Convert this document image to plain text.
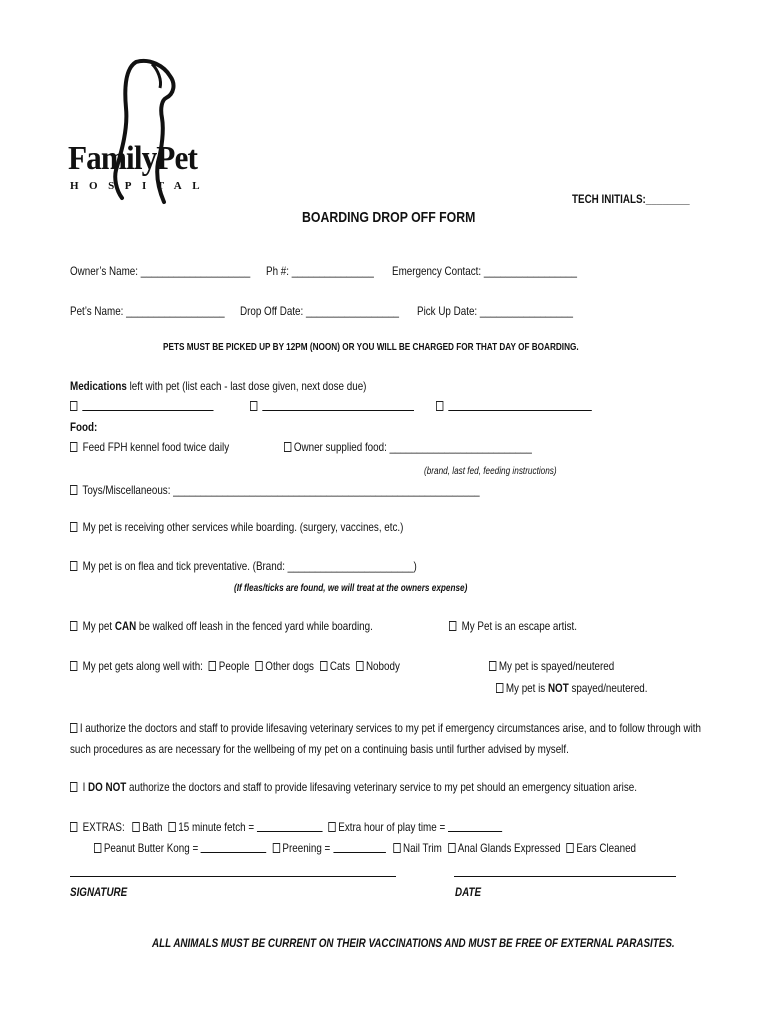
FamilyPet
HOSPITAL
TECH INITIALS:________
BOARDING DROP OFF FORM
Owner’s Name: ____________________ Ph #: _______________ Emergency Contact: _________________
Pet’s Name: __________________ Drop Off Date: _________________ Pick Up Date: _________________
PETS MUST BE PICKED UP BY 12PM (NOON) OR YOU WILL BE CHARGED FOR THAT DAY OF BOARDING.
Medications left with pet (list each - last dose given, next dose due)

Food:
Feed FPH kennel food twice daily	Owner supplied food: __________________________
(brand, last fed, feeding instructions)
Toys/Miscellaneous: ________________________________________________________
My pet is receiving other services while boarding. (surgery, vaccines, etc.)
My pet is on flea and tick preventative. (Brand: _______________________)
(If fleas/ticks are found, we will treat at the owners expense)
My pet CAN be walked off leash in the fenced yard while boarding.	My Pet is an escape artist.
My pet gets along well with: People Other dogs Cats Nobody	My pet is spayed/neutered
My pet is NOT spayed/neutered.
I authorize the doctors and staff to provide lifesaving veterinary services to my pet if emergency circumstances arise, and to follow through with
such procedures as are necessary for the wellbeing of my pet on a continuing basis until further advised by myself.
I DO NOT authorize the doctors and staff to provide lifesaving veterinary service to my pet should an emergency situation arise.
EXTRAS: Bath 15 minute fetch =	Extra hour of play time =
Peanut Butter Kong =	Preening =	Nail Trim Anal Glands Expressed Ears Cleaned
SIGNATURE	DATE
ALL ANIMALS MUST BE CURRENT ON THEIR VACCINATIONS AND MUST BE FREE OF EXTERNAL PARASITES.
